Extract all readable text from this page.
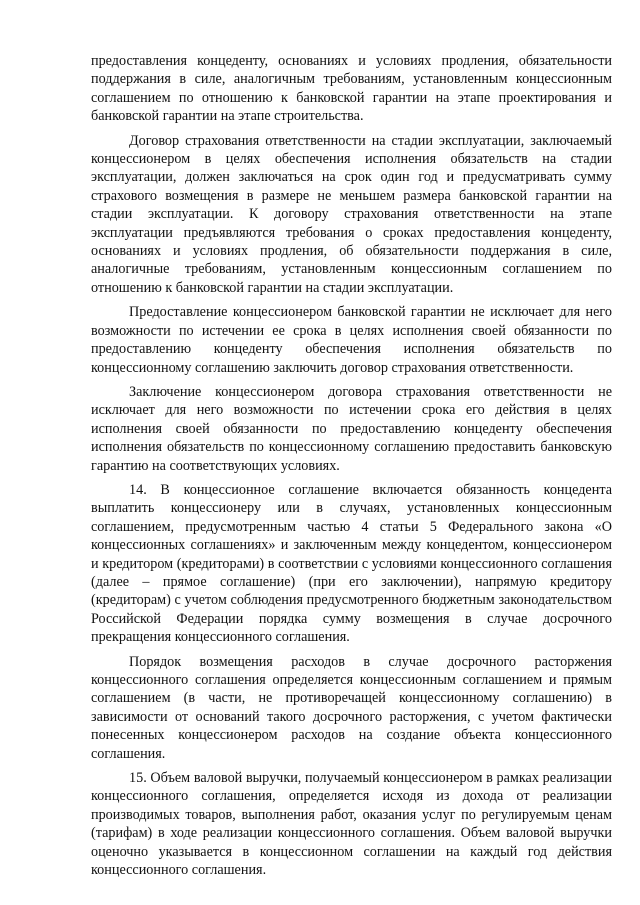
предоставления концеденту, основаниях и условиях продления, обязательности поддержания в силе, аналогичным требованиям, установленным концессионным соглашением по отношению к банковской гарантии на этапе проектирования и банковской гарантии на этапе строительства.

Договор страхования ответственности на стадии эксплуатации, заключаемый концессионером в целях обеспечения исполнения обязательств на стадии эксплуатации, должен заключаться на срок один год и предусматривать сумму страхового возмещения в размере не меньшем размера банковской гарантии на стадии эксплуатации. К договору страхования ответственности на этапе эксплуатации предъявляются требования о сроках предоставления концеденту, основаниях и условиях продления, об обязательности поддержания в силе, аналогичные требованиям, установленным концессионным соглашением по отношению к банковской гарантии на стадии эксплуатации.

Предоставление концессионером банковской гарантии не исключает для него возможности по истечении ее срока в целях исполнения своей обязанности по предоставлению концеденту обеспечения исполнения обязательств по концессионному соглашению заключить договор страхования ответственности.

Заключение концессионером договора страхования ответственности не исключает для него возможности по истечении срока его действия в целях исполнения своей обязанности по предоставлению концеденту обеспечения исполнения обязательств по концессионному соглашению предоставить банковскую гарантию на соответствующих условиях.

14. В концессионное соглашение включается обязанность концедента выплатить концессионеру или в случаях, установленных концессионным соглашением, предусмотренным частью 4 статьи 5 Федерального закона «О концессионных соглашениях» и заключенным между концедентом, концессионером и кредитором (кредиторами) в соответствии с условиями концессионного соглашения (далее – прямое соглашение) (при его заключении), напрямую кредитору (кредиторам) с учетом соблюдения предусмотренного бюджетным законодательством Российской Федерации порядка сумму возмещения в случае досрочного прекращения концессионного соглашения.

Порядок возмещения расходов в случае досрочного расторжения концессионного соглашения определяется концессионным соглашением и прямым соглашением (в части, не противоречащей концессионному соглашению) в зависимости от оснований такого досрочного расторжения, с учетом фактически понесенных концессионером расходов на создание объекта концессионного соглашения.

15. Объем валовой выручки, получаемый концессионером в рамках реализации концессионного соглашения, определяется исходя из дохода от реализации производимых товаров, выполнения работ, оказания услуг по регулируемым ценам (тарифам) в ходе реализации концессионного соглашения. Объем валовой выручки оценочно указывается в концессионном соглашении на каждый год действия концессионного соглашения.
